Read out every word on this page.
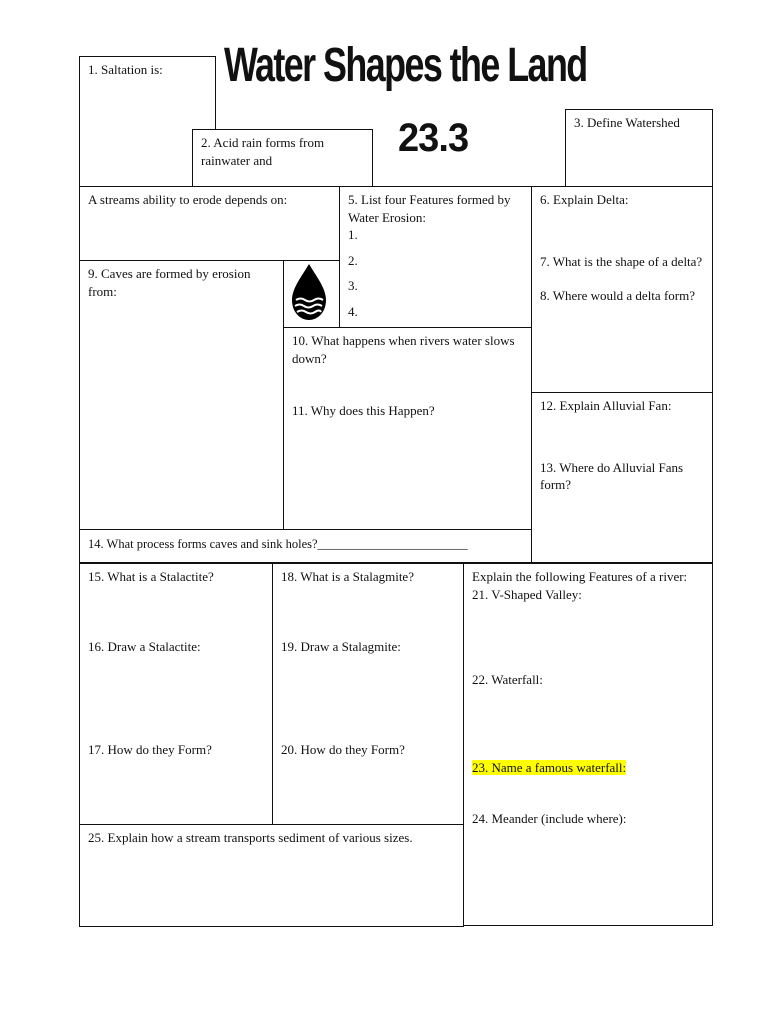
Water Shapes the Land
23.3
1. Saltation is:
3. Define Watershed
A streams ability to erode depends on:	5. List four Features formed by Water Erosion:
1.
2.
3.
4.
6. Explain Delta:
7. What is the shape of a delta?
8. Where would a delta form?
9. Caves are formed by erosion from:
10. What happens when rivers water slows down?
11. Why does this Happen?	12. Explain Alluvial Fan:
13. Where do Alluvial Fans form?
14. What process forms caves and sink holes?________________________
15. What is a Stalactite?
16. Draw a Stalactite:
17. How do they Form?
18. What is a Stalagmite?
19. Draw a Stalagmite:
20. How do they Form?
Explain the following Features of a river:
21. V-Shaped Valley:
22. Waterfall:
23. Name a famous waterfall:
24. Meander (include where):
25. Explain how a stream transports sediment of various sizes.
2. Acid rain forms from rainwater and
